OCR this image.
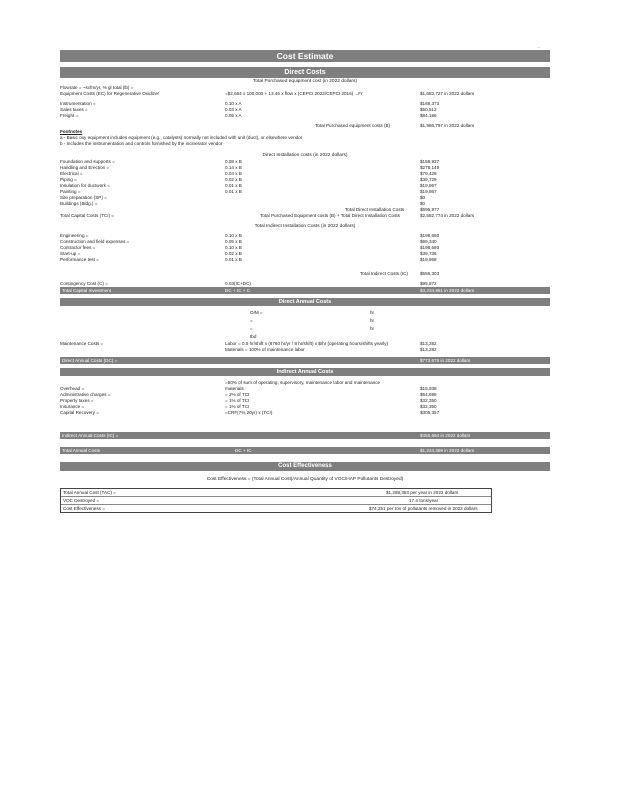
—
Cost Estimate
Direct Costs
Total Purchased equipment cost (in 2022 dollars)
Flowrate = ~scfm/yr, % gl total (lb) =
Equipment Costs (EC) for Regenerative Oxidizer	=$2,664 x 100,000 + 13.46 x flow x (CEPCI 2022/CEPCI 2016) ...Fr	$1,683,727 in 2022 dollars
Instrumentation =	0.10 x A	$168,373
Sales taxes =	0.03 x A	$50,512
Freight =	0.05 x A	$84,186
Total Purchased equipment costs (B)	$1,986,797 in 2022 dollars
Footnotes
a - Basic oxy equipment includes equipment (e.g., catalysts) normally not included with unit (duct), or elsewhere vendor
b - Includes the instrumentation and controls furnished by the incinerator vendor
Direct Installation costs (in 2022 dollars)
Foundation and supports =	0.08 x B	$158,937
Handling and Erection =	0.14 x B	$278,149
Electrical =	0.04 x B	$79,428
Piping =	0.02 x B	$39,729
Insulation for ductwork =	0.01 x B	$19,867
Painting =	0.01 x B	$19,867
Site preparation (SP) =	$0
Buildings (Bldg.) =	$0
Total Direct Installation Costs	$595,977
Total Capital Costs (TCI) =	Total Purchased Equipment costs (B) + Total Direct Installation Costs	$2,582,774 in 2022 dollars
Total Indirect Installation Costs (in 2022 dollars)
Engineering =	0.10 x B	$198,680
Construction and field expenses =	0.05 x B	$99,340
Contractor fees =	0.10 x B	$198,680
Start-up =	0.02 x B	$39,736
Performance test =	0.01 x B	$19,868
Total Indirect Costs (IC)	$556,303
Contingency Cost (C) =	0.03(IC+DC)	$95,872
Total Capital Investment	DC + IC + C	$3,234,951 in 2022 dollars
Direct Annual Costs
O/M =	hr
=	hr
=	hr
tbd
Maintenance Costs =	Labor = 0.5 hr/shift x (8760 hr/yr / 8 hr/shift) x $/hr (operating hours/shifts yearly)	$13,282
Materials = 100% of maintenance labor	$13,282
Direct Annual Costs (DC) =	$773,676 in 2022 dollars
Indirect Annual Costs
=60% of sum of operating, supervisory, maintenance labor and maintenance
Overhead =	materials	$15,938
Administrative charges =	= 2% of TCI	$64,699
Property taxes =	= 1% of TCI	$32,350
Insurance =	= 1% of TCI	$32,350
Capital Recovery =	=CRF(7%,20yr) x (TCI)	$305,357
Indirect Annual Costs (IC) =	$450,694 in 2022 dollars
Total Annual Costs	DC + IC	$1,224,369 in 2022 dollars
Cost Effectiveness
Cost Effectiveness = (Total Annual Cost)/Annual Quantity of VOC/HAP Pollutants Destroyed)
Total Annual Cost (TAC) =	$1,288,353 per year in 2022 dollars
VOC Destroyed =	17.4 tons/year
Cost Effectiveness =	$74,251 per ton of pollutants removed in 2022 dollars
